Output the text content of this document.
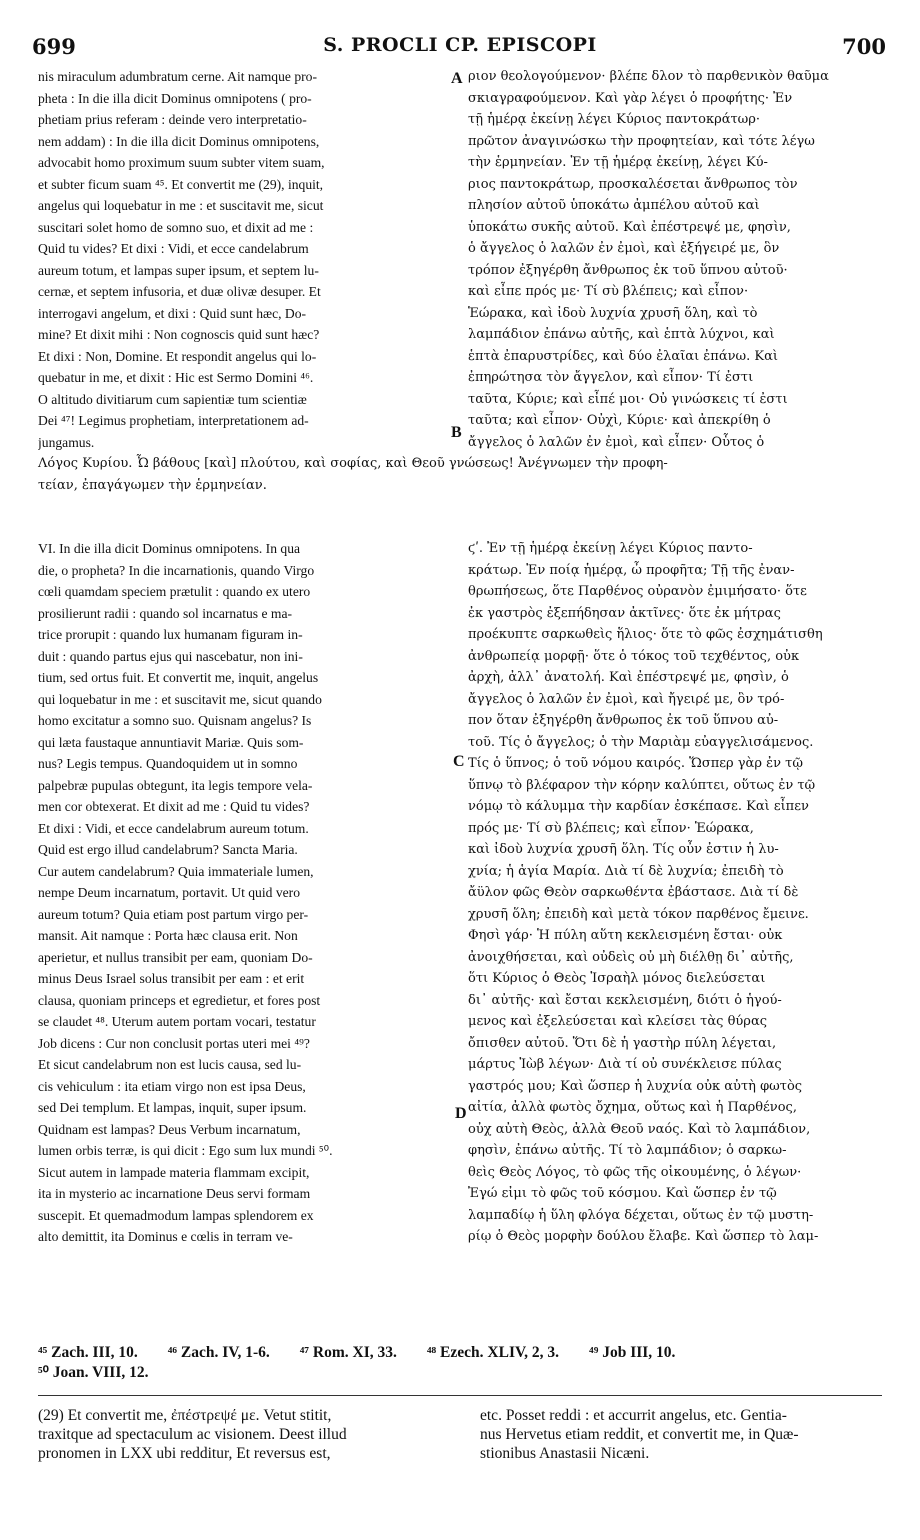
699	S. PROCLI CP. EPISCOPI	700
nis miraculum adumbratum cerne. Ait namque pro-
pheta : In die illa dicit Dominus omnipotens ( pro-
phetiam prius referam : deinde vero interpretatio-
nem addam) : In die illa dicit Dominus omnipotens,
advocabit homo proximum suum subter vitem suam,
et subter ficum suam ⁴⁵. Et convertit me (29), inquit,
angelus qui loquebatur in me : et suscitavit me, sicut
suscitari solet homo de somno suo, et dixit ad me :
Quid tu vides? Et dixi : Vidi, et ecce candelabrum
aureum totum, et lampas super ipsum, et septem lu-
cernæ, et septem infusoria, et duæ olivæ desuper. Et
interrogavi angelum, et dixi : Quid sunt hæc, Do-
mine? Et dixit mihi : Non cognoscis quid sunt hæc?
Et dixi : Non, Domine. Et respondit angelus qui lo-
quebatur in me, et dixit : Hic est Sermo Domini ⁴⁶.
O altitudo divitiarum cum sapientiæ tum scientiæ
Dei ⁴⁷! Legimus prophetiam, interpretationem ad-
jungamus.
ριον θεολογούμενον· βλέπε δλον τὸ παρθενικὸν θαῦμα
σκιαγραφούμενον. Καὶ γὰρ λέγει ὁ προφήτης· Ἐν
τῇ ἡμέρᾳ ἐκείνῃ λέγει Κύριος παντοκράτωρ·
πρῶτον ἀναγινώσκω τὴν προφητείαν, καὶ τότε λέγω
τὴν ἑρμηνείαν. Ἐν τῇ ἡμέρᾳ ἐκείνῃ, λέγει Κύ-
ριος παντοκράτωρ, προσκαλέσεται ἄνθρωπος τὸν
πλησίον αὐτοῦ ὑποκάτω ἀμπέλου αὐτοῦ καὶ
ὑποκάτω συκῆς αὐτοῦ. Καὶ ἐπέστρεψέ με, φησὶν,
ὁ ἄγγελος ὁ λαλῶν ἐν ἐμοὶ, καὶ ἐξήγειρέ με, ὃν
τρόπον ἐξηγέρθη ἄνθρωπος ἐκ τοῦ ὕπνου αὐτοῦ·
καὶ εἶπε πρός με· Τί σὺ βλέπεις; καὶ εἶπον·
Ἑώρακα, καὶ ἰδοὺ λυχνία χρυσῆ ὅλη, καὶ τὸ
λαμπάδιον ἐπάνω αὐτῆς, καὶ ἑπτὰ λύχνοι, καὶ
ἑπτὰ ἐπαρυστρίδες, καὶ δύο ἐλαῖαι ἐπάνω. Καὶ
ἐπηρώτησα τὸν ἄγγελον, καὶ εἶπον· Τί ἐστι
ταῦτα, Κύριε; καὶ εἶπέ μοι· Οὐ γινώσκεις τί ἐστι
ταῦτα; καὶ εἶπον· Οὐχὶ, Κύριε· καὶ ἀπεκρίθη ὁ
ἄγγελος ὁ λαλῶν ἐν ἐμοὶ, καὶ εἶπεν· Οὗτος ὁ
Λόγος Κυρίου. Ὦ βάθους [καὶ] πλούτου, καὶ σοφίας, καὶ Θεοῦ γνώσεως! Ἀνέγνωμεν τὴν προφη-
τείαν, ἐπαγάγωμεν τὴν ἑρμηνείαν.
VI. In die illa dicit Dominus omnipotens. In qua
die, o propheta? In die incarnationis, quando Virgo
cœli quamdam speciem prætulit : quando ex utero
prosilierunt radii : quando sol incarnatus e ma-
trice prorupit : quando lux humanam figuram in-
duit : quando partus ejus qui nascebatur, non ini-
tium, sed ortus fuit. Et convertit me, inquit, angelus
qui loquebatur in me : et suscitavit me, sicut quando
homo excitatur a somno suo. Quisnam angelus? Is
qui læta faustaque annuntiavit Mariæ. Quis som-
nus? Legis tempus. Quandoquidem ut in somno
palpebræ pupulas obtegunt, ita legis tempore vela-
men cor obtexerat. Et dixit ad me : Quid tu vides?
Et dixi : Vidi, et ecce candelabrum aureum totum.
Quid est ergo illud candelabrum? Sancta Maria.
Cur autem candelabrum? Quia immateriale lumen,
nempe Deum incarnatum, portavit. Ut quid vero
aureum totum? Quia etiam post partum virgo per-
mansit. Ait namque : Porta hæc clausa erit. Non
aperietur, et nullus transibit per eam, quoniam Do-
minus Deus Israel solus transibit per eam : et erit
clausa, quoniam princeps et egredietur, et fores post
se claudet ⁴⁸. Uterum autem portam vocari, testatur
Job dicens : Cur non conclusit portas uteri mei ⁴⁹?
Et sicut candelabrum non est lucis causa, sed lu-
cis vehiculum : ita etiam virgo non est ipsa Deus,
sed Dei templum. Et lampas, inquit, super ipsum.
Quidnam est lampas? Deus Verbum incarnatum,
lumen orbis terræ, is qui dicit : Ego sum lux mundi ⁵⁰.
Sicut autem in lampade materia flammam excipit,
ita in mysterio ac incarnatione Deus servi formam
suscepit. Et quemadmodum lampas splendorem ex
alto demittit, ita Dominus e cœlis in terram ve-
ϛʹ. Ἐν τῇ ἡμέρᾳ ἐκείνῃ λέγει Κύριος παντο-
κράτωρ. Ἐν ποίᾳ ἡμέρᾳ, ὦ προφῆτα; Τῇ τῆς ἐναν-
θρωπήσεως, ὅτε Παρθένος οὐρανὸν ἐμιμήσατο· ὅτε
ἐκ γαστρὸς ἐξεπήδησαν ἀκτῖνες· ὅτε ἐκ μήτρας
προέκυπτε σαρκωθεὶς ἥλιος· ὅτε τὸ φῶς ἐσχημάτισθη
ἀνθρωπείᾳ μορφῇ· ὅτε ὁ τόκος τοῦ τεχθέντος, οὐκ
ἀρχὴ, ἀλλ᾽ ἀνατολή. Καὶ ἐπέστρεψέ με, φησὶν, ὁ
ἄγγελος ὁ λαλῶν ἐν ἐμοὶ, καὶ ἤγειρέ με, ὃν τρό-
πον ὅταν ἐξηγέρθη ἄνθρωπος ἐκ τοῦ ὕπνου αὐ-
τοῦ. Τίς ὁ ἄγγελος; ὁ τὴν Μαριὰμ εὐαγγελισάμενος.
Τίς ὁ ὕπνος; ὁ τοῦ νόμου καιρός. Ὥσπερ γὰρ ἐν τῷ
ὕπνῳ τὸ βλέφαρον τὴν κόρην καλύπτει, οὕτως ἐν τῷ
νόμῳ τὸ κάλυμμα τὴν καρδίαν ἐσκέπασε. Καὶ εἶπεν
πρός με· Τί σὺ βλέπεις; καὶ εἶπον· Ἑώρακα,
καὶ ἰδοὺ λυχνία χρυσῆ ὅλη. Τίς οὖν ἐστιν ἡ λυ-
χνία; ἡ ἁγία Μαρία. Διὰ τί δὲ λυχνία; ἐπειδὴ τὸ
ἄϋλον φῶς Θεὸν σαρκωθέντα ἐβάστασε. Διὰ τί δὲ
χρυσῆ ὅλη; ἐπειδὴ καὶ μετὰ τόκον παρθένος ἔμεινε.
Φησὶ γάρ· Ἡ πύλη αὕτη κεκλεισμένη ἔσται· οὐκ
ἀνοιχθήσεται, καὶ οὐδεὶς οὐ μὴ διέλθῃ δι᾽ αὐτῆς,
ὅτι Κύριος ὁ Θεὸς Ἰσραὴλ μόνος διελεύσεται
δι᾽ αὐτῆς· καὶ ἔσται κεκλεισμένη, διότι ὁ ἡγού-
μενος καὶ ἐξελεύσεται καὶ κλείσει τὰς θύρας
ὄπισθεν αὐτοῦ. Ὅτι δὲ ἡ γαστὴρ πύλη λέγεται,
μάρτυς Ἰὼβ λέγων· Διὰ τί οὐ συνέκλεισε πύλας
γαστρός μου; Καὶ ὥσπερ ἡ λυχνία οὐκ αὐτὴ φωτὸς
αἰτία, ἀλλὰ φωτὸς ὄχημα, οὕτως καὶ ἡ Παρθένος,
οὐχ αὐτὴ Θεὸς, ἀλλὰ Θεοῦ ναός. Καὶ τὸ λαμπάδιον,
φησὶν, ἐπάνω αὐτῆς. Τί τὸ λαμπάδιον; ὁ σαρκω-
θεὶς Θεὸς Λόγος, τὸ φῶς τῆς οἰκουμένης, ὁ λέγων·
Ἐγώ εἰμι τὸ φῶς τοῦ κόσμου. Καὶ ὥσπερ ἐν τῷ
λαμπαδίῳ ἡ ὕλη φλόγα δέχεται, οὕτως ἐν τῷ μυστη-
ρίῳ ὁ Θεὸς μορφὴν δούλου ἔλαβε. Καὶ ὥσπερ τὸ λαμ-
A
B
C
D
⁴⁵ Zach. III, 10. ⁴⁶ Zach. IV, 1-6. ⁴⁷ Rom. XI, 33. ⁴⁸ Ezech. XLIV, 2, 3. ⁴⁹ Job III, 10.
⁵⁰ Joan. VIII, 12.
(29) Et convertit me, ἐπέστρεψέ με. Vetut stitit,
traxitque ad spectaculum ac visionem. Deest illud
pronomen in LXX ubi redditur, Et reversus est,
etc. Posset reddi : et accurrit angelus, etc. Gentia-
nus Hervetus etiam reddit, et convertit me, in Quæ-
stionibus Anastasii Nicæni.
